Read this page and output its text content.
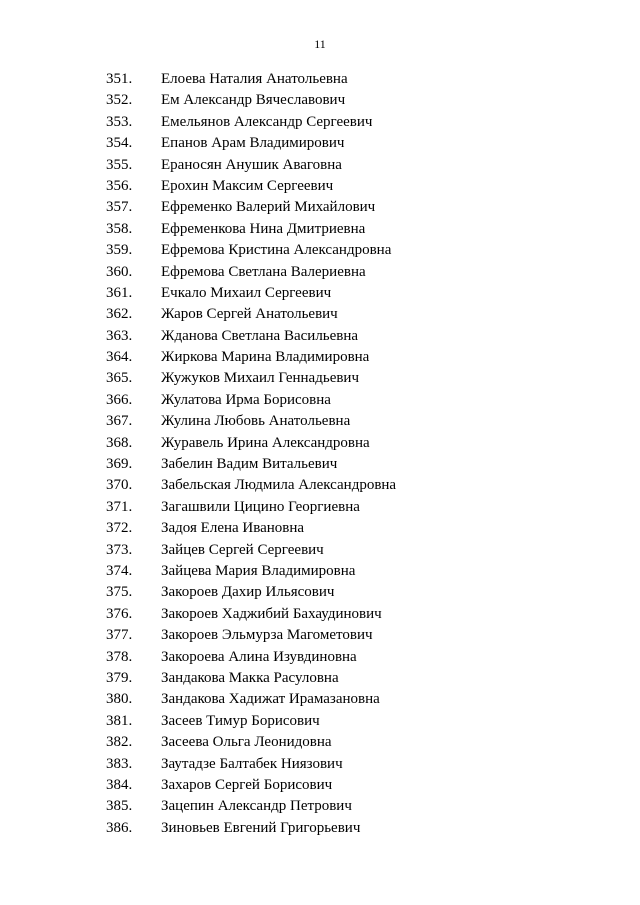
11
351. Елоева Наталия Анатольевна
352. Ем Александр Вячеславович
353. Емельянов Александр Сергеевич
354. Епанов Арам Владимирович
355. Ераносян Анушик Аваговна
356. Ерохин Максим Сергеевич
357. Ефременко Валерий Михайлович
358. Ефременкова Нина Дмитриевна
359. Ефремова Кристина Александровна
360. Ефремова Светлана Валериевна
361. Ечкало Михаил Сергеевич
362. Жаров Сергей Анатольевич
363. Жданова Светлана Васильевна
364. Жиркова Марина Владимировна
365. Жужуков Михаил Геннадьевич
366. Жулатова Ирма Борисовна
367. Жулина Любовь Анатольевна
368. Журавель Ирина Александровна
369. Забелин Вадим Витальевич
370. Забельская Людмила Александровна
371. Загашвили Цицино Георгиевна
372. Задоя Елена Ивановна
373. Зайцев Сергей Сергеевич
374. Зайцева Мария Владимировна
375. Закороев Дахир Ильясович
376. Закороев Хаджибий Бахаудинович
377. Закороев Эльмурза Магометович
378. Закороева Алина Изувдиновна
379. Зандакова Макка Расуловна
380. Зандакова Хадижат Ирамазановна
381. Засеев Тимур Борисович
382. Засеева Ольга Леонидовна
383. Заутадзе Балтабек Ниязович
384. Захаров Сергей Борисович
385. Зацепин Александр Петрович
386. Зиновьев Евгений Григорьевич
